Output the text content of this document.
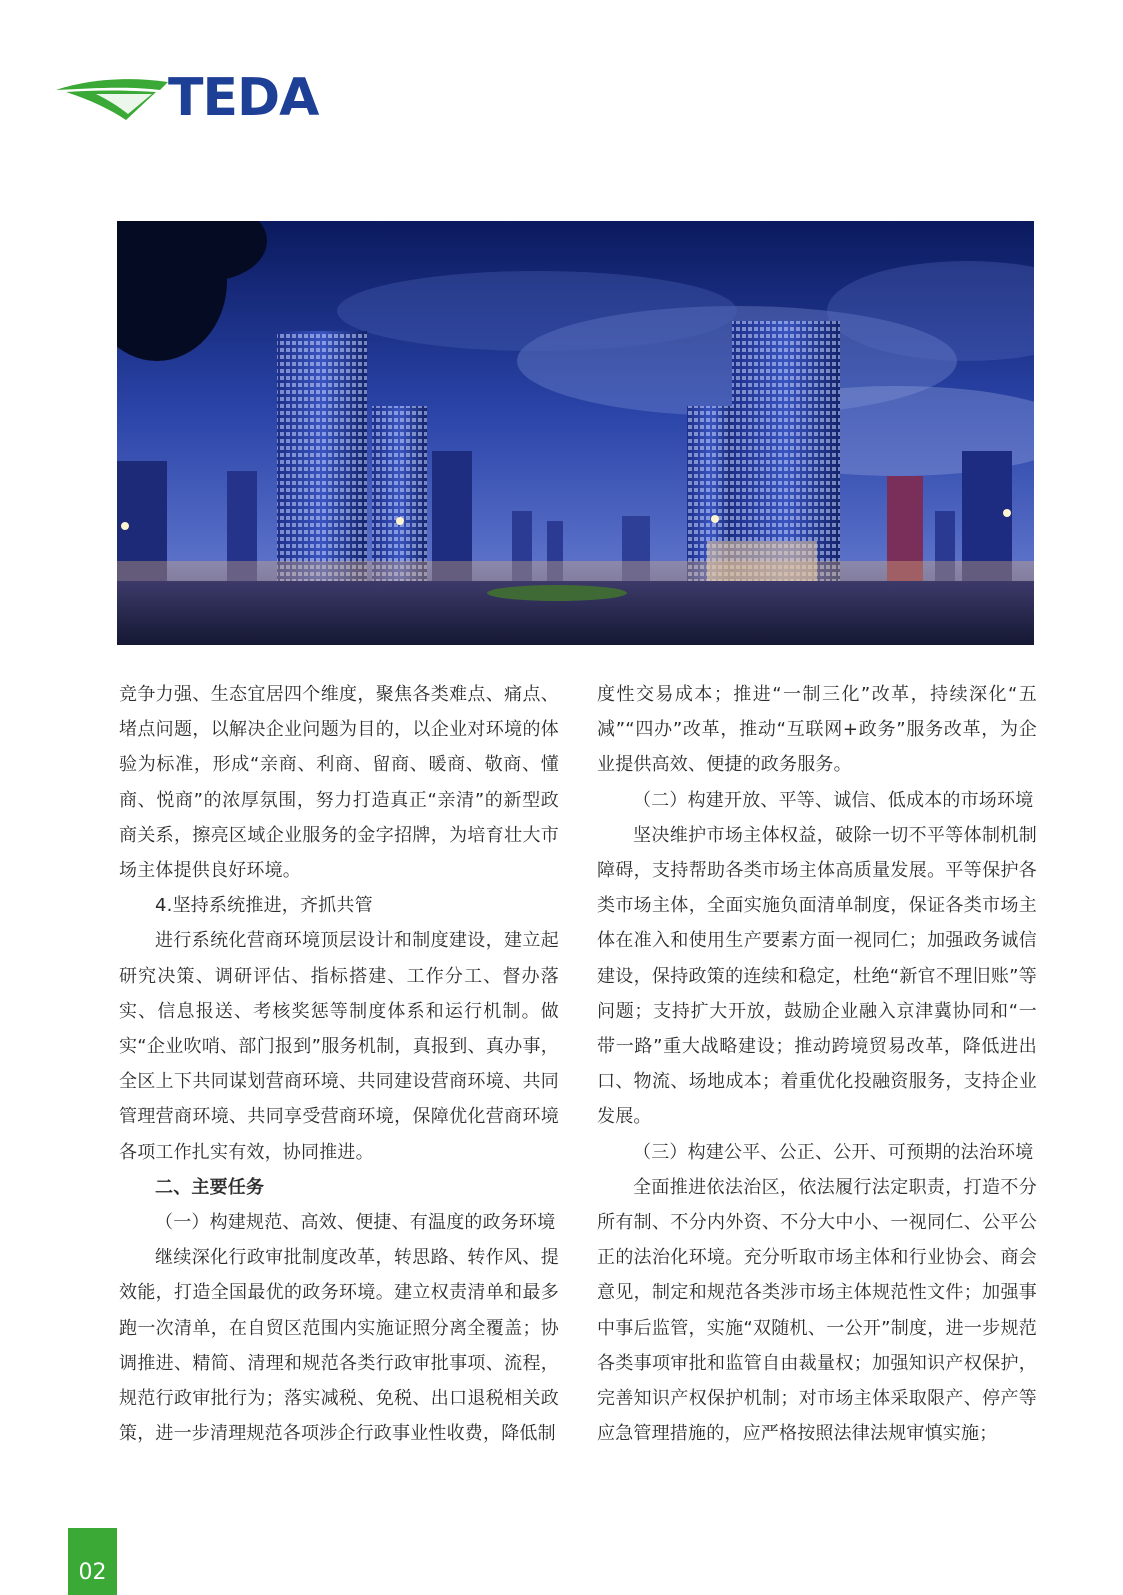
TEDA

竞争力强、生态宜居四个维度，聚焦各类难点、痛点、堵点问题，以解决企业问题为目的，以企业对环境的体验为标准，形成“亲商、利商、留商、暖商、敬商、懂商、悦商”的浓厚氛围，努力打造真正“亲清”的新型政商关系，擦亮区域企业服务的金字招牌，为培育壮大市场主体提供良好环境。

4.坚持系统推进，齐抓共管

进行系统化营商环境顶层设计和制度建设，建立起研究决策、调研评估、指标搭建、工作分工、督办落实、信息报送、考核奖惩等制度体系和运行机制。做实“企业吹哨、部门报到”服务机制，真报到、真办事，全区上下共同谋划营商环境、共同建设营商环境、共同管理营商环境、共同享受营商环境，保障优化营商环境各项工作扎实有效，协同推进。

二、主要任务

（一）构建规范、高效、便捷、有温度的政务环境

继续深化行政审批制度改革，转思路、转作风、提效能，打造全国最优的政务环境。建立权责清单和最多跑一次清单，在自贸区范围内实施证照分离全覆盖；协调推进、精简、清理和规范各类行政审批事项、流程，规范行政审批行为；落实减税、免税、出口退税相关政策，进一步清理规范各项涉企行政事业性收费，降低制

度性交易成本；推进“一制三化”改革，持续深化“五减”“四办”改革，推动“互联网+政务”服务改革，为企业提供高效、便捷的政务服务。

（二）构建开放、平等、诚信、低成本的市场环境

坚决维护市场主体权益，破除一切不平等体制机制障碍，支持帮助各类市场主体高质量发展。平等保护各类市场主体，全面实施负面清单制度，保证各类市场主体在准入和使用生产要素方面一视同仁；加强政务诚信建设，保持政策的连续和稳定，杜绝“新官不理旧账”等问题；支持扩大开放，鼓励企业融入京津冀协同和“一带一路”重大战略建设；推动跨境贸易改革，降低进出口、物流、场地成本；着重优化投融资服务，支持企业发展。

（三）构建公平、公正、公开、可预期的法治环境

全面推进依法治区，依法履行法定职责，打造不分所有制、不分内外资、不分大中小、一视同仁、公平公正的法治化环境。充分听取市场主体和行业协会、商会意见，制定和规范各类涉市场主体规范性文件；加强事中事后监管，实施“双随机、一公开”制度，进一步规范各类事项审批和监管自由裁量权；加强知识产权保护，完善知识产权保护机制；对市场主体采取限产、停产等应急管理措施的，应严格按照法律法规审慎实施；

02
